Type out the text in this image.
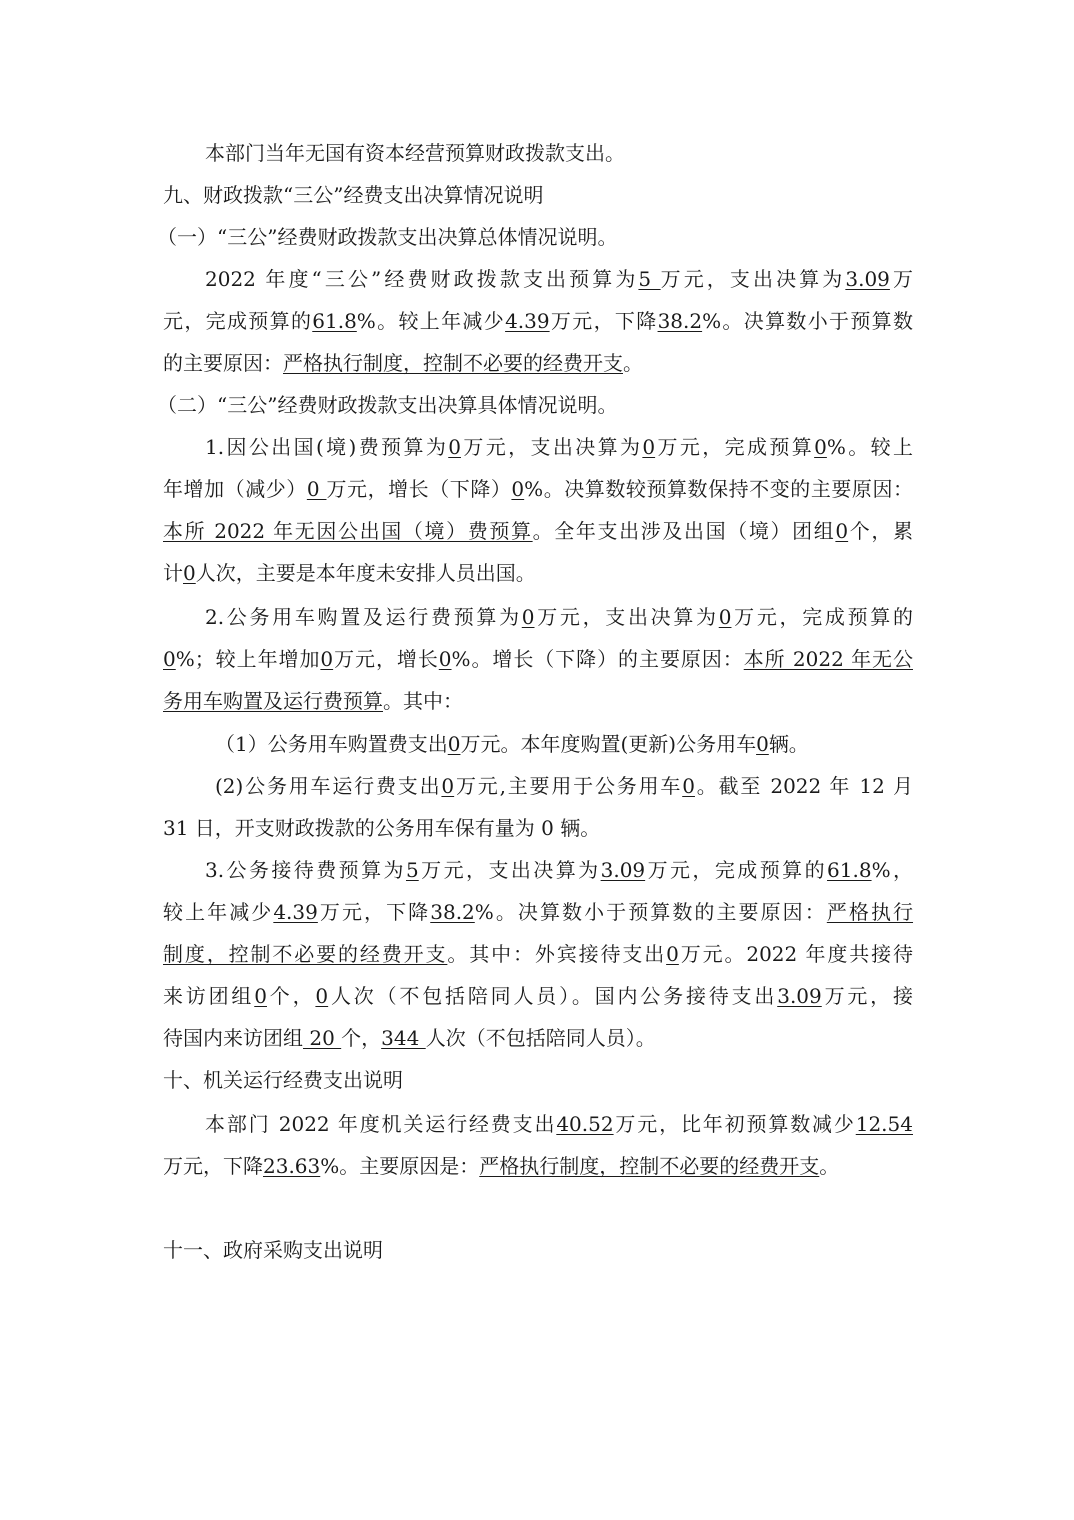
本部门当年无国有资本经营预算财政拨款支出。
九、财政拨款“三公”经费支出决算情况说明
（一）“三公”经费财政拨款支出决算总体情况说明。
2022 年度“三公”经费财政拨款支出预算为5 万元，支出决算为3.09万
元，完成预算的61.8%。较上年减少4.39万元，下降38.2%。决算数小于预算数
的主要原因：严格执行制度，控制不必要的经费开支。
（二）“三公”经费财政拨款支出决算具体情况说明。
1.因公出国(境)费预算为0万元，支出决算为0万元，完成预算0%。较上
年增加（减少）0 万元，增长（下降）0%。决算数较预算数保持不变的主要原因：
本所 2022 年无因公出国（境）费预算。全年支出涉及出国（境）团组0个，累
计0人次，主要是本年度未安排人员出国。
2.公务用车购置及运行费预算为0万元，支出决算为0万元，完成预算的
0%；较上年增加0万元，增长0%。增长（下降）的主要原因：本所 2022 年无公
务用车购置及运行费预算。其中：
（1）公务用车购置费支出0万元。本年度购置(更新)公务用车0辆。
(2)公务用车运行费支出0万元,主要用于公务用车0。截至 2022 年 12 月
31 日，开支财政拨款的公务用车保有量为 0 辆。
3.公务接待费预算为5万元，支出决算为3.09万元，完成预算的61.8%，
较上年减少4.39万元，下降38.2%。决算数小于预算数的主要原因：严格执行
制度，控制不必要的经费开支。其中：外宾接待支出0万元。2022 年度共接待
来访团组0个，0人次（不包括陪同人员）。国内公务接待支出3.09万元，接
待国内来访团组 20 个，344 人次（不包括陪同人员）。
十、机关运行经费支出说明
本部门 2022 年度机关运行经费支出40.52万元，比年初预算数减少12.54
万元，下降23.63%。主要原因是：严格执行制度，控制不必要的经费开支。
十一、政府采购支出说明
